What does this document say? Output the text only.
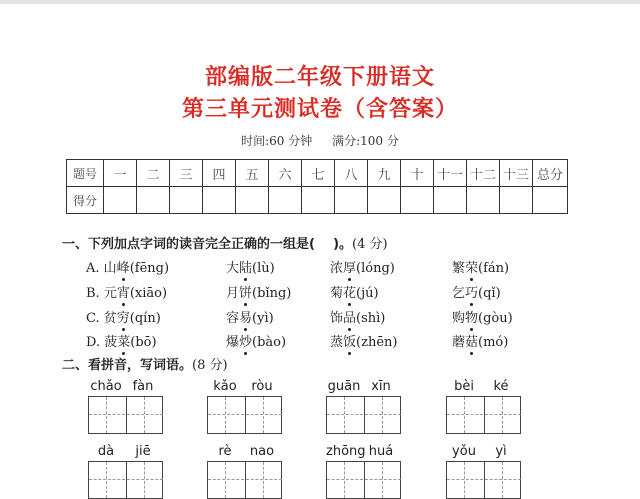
部编版二年级下册语文
第三单元测试卷（含答案）
时间:60 分钟 满分:100 分
题号	一	二	三	四	五	六	七	八	九	十	十一	十二	十三	总分
得分														
一、下列加点字词的读音完全正确的一组是( )。(4 分)
A. 山峰(fēng)	大陆(lù)	浓厚(lóng)	繁荣(fán)
B. 元宵(xiāo)	月饼(bǐng)	菊花(jú)	乞巧(qǐ)
C. 贫穷(qín)	容易(yì)	饰品(shì)	购物(gòu)
D. 菠菜(bō)	爆炒(bào)	蒸饭(zhēn)	蘑菇(mó)
二、看拼音，写词语。(8 分)
chǎo fàn	kǎo	ròu	guān xīn	bèi	ké
dà	jiē	rè	nao	zhōng huá	yǒu	yì
